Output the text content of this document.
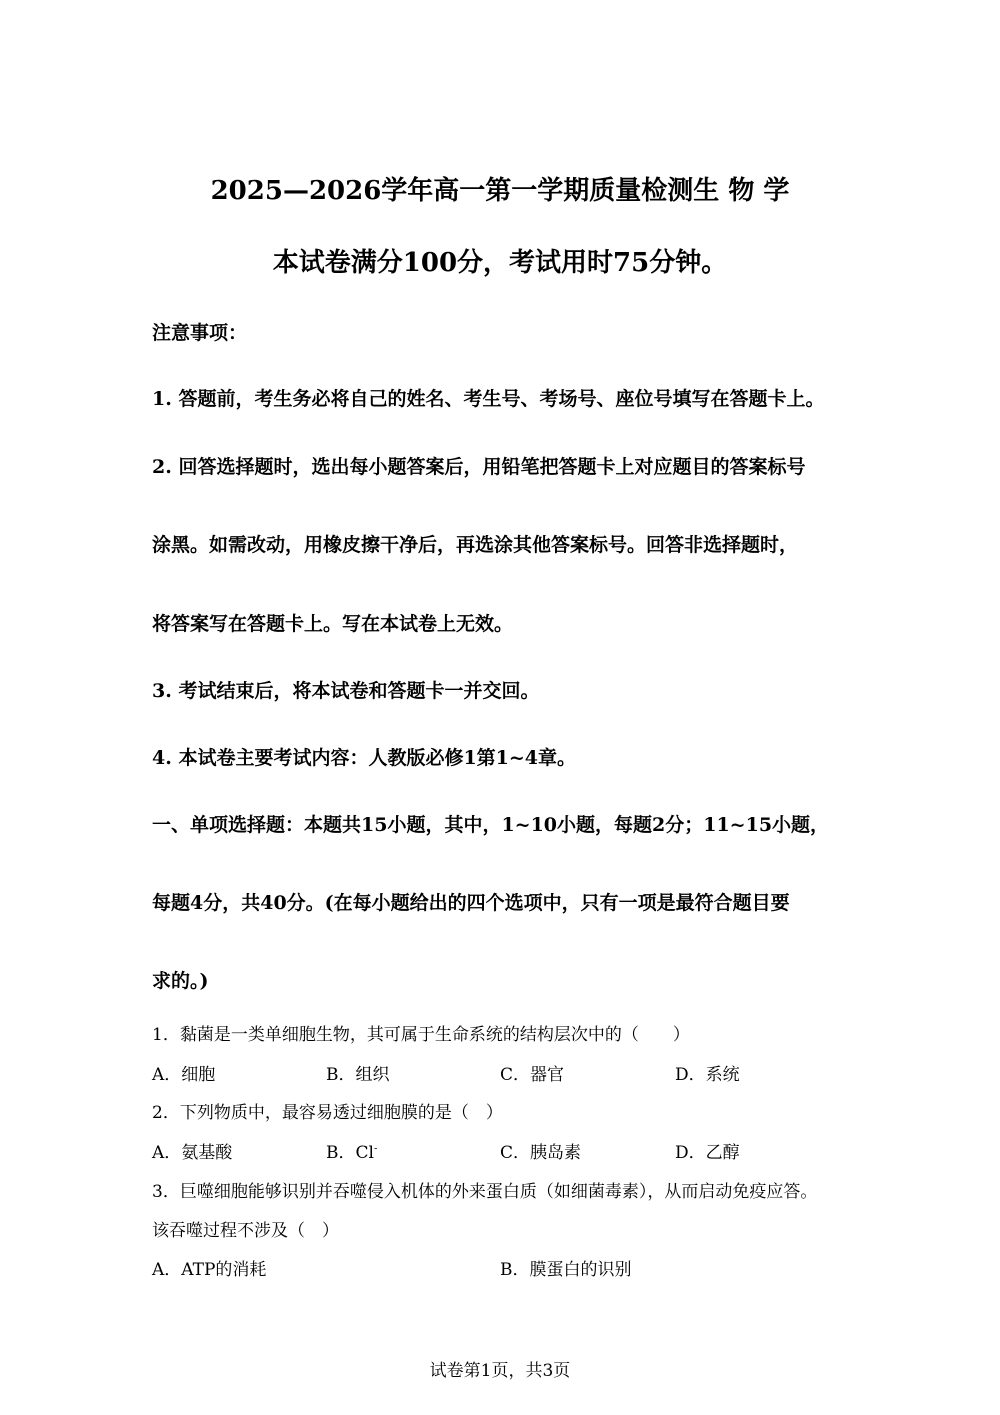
2025—2026学年高一第一学期质量检测生 物 学
本试卷满分100分，考试用时75分钟。
注意事项：
1. 答题前，考生务必将自己的姓名、考生号、考场号、座位号填写在答题卡上。
2. 回答选择题时，选出每小题答案后，用铅笔把答题卡上对应题目的答案标号
涂黑。如需改动，用橡皮擦干净后，再选涂其他答案标号。回答非选择题时，
将答案写在答题卡上。写在本试卷上无效。
3. 考试结束后，将本试卷和答题卡一并交回。
4. 本试卷主要考试内容：人教版必修1第1~4章。
一、单项选择题：本题共15小题，其中，1~10小题，每题2分；11~15小题，
每题4分，共40分。(在每小题给出的四个选项中，只有一项是最符合题目要
求的。)
1．黏菌是一类单细胞生物，其可属于生命系统的结构层次中的（　　）
A．细胞	B．组织	C．器官	D．系统
2．下列物质中，最容易透过细胞膜的是（　）
A．氨基酸	B．Cl-	C．胰岛素	D．乙醇
3．巨噬细胞能够识别并吞噬侵入机体的外来蛋白质（如细菌毒素），从而启动免疫应答。
该吞噬过程不涉及（　）
A．ATP的消耗	B．膜蛋白的识别
试卷第1页，共3页
